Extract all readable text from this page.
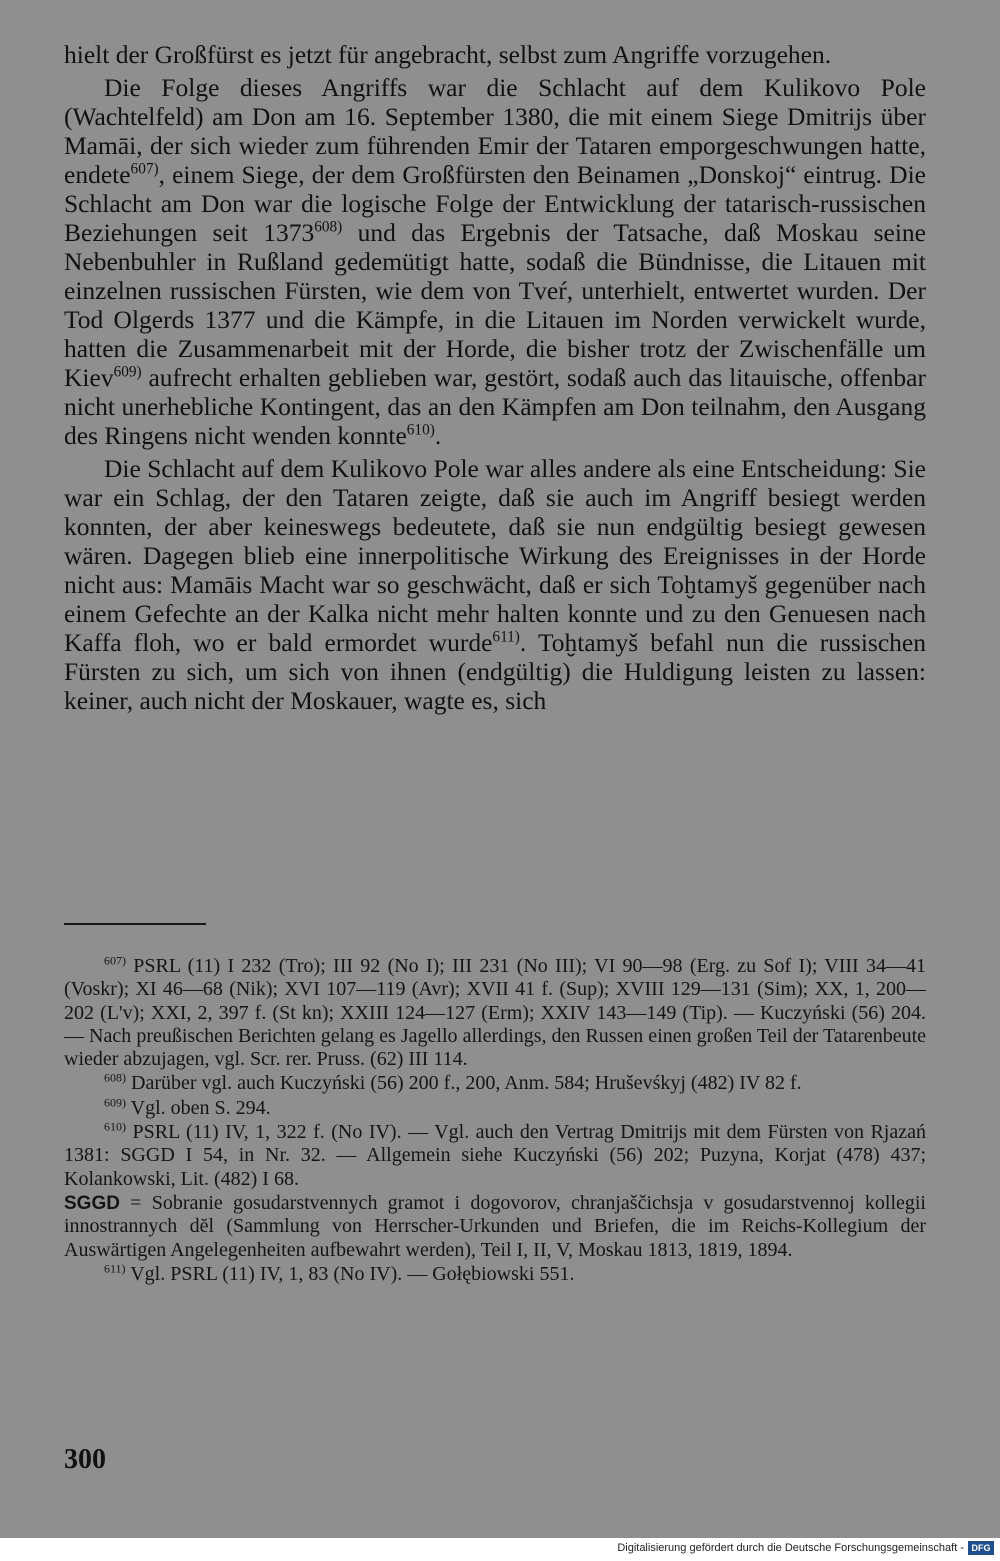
hielt der Großfürst es jetzt für angebracht, selbst zum Angriffe vorzugehen.

Die Folge dieses Angriffs war die Schlacht auf dem Kulikovo Pole (Wachtelfeld) am Don am 16. September 1380, die mit einem Siege Dmitrijs über Mamāi, der sich wieder zum führenden Emir der Tataren emporgeschwungen hatte, endete$^{607)}$, einem Siege, der dem Großfürsten den Beinamen „Donskoj“ eintrug. Die Schlacht am Don war die logische Folge der Entwicklung der tatarisch-russischen Beziehungen seit 1373$^{608)}$ und das Ergebnis der Tatsache, daß Moskau seine Nebenbuhler in Rußland gedemütigt hatte, sodaß die Bündnisse, die Litauen mit einzelnen russischen Fürsten, wie dem von Tveŕ, unterhielt, entwertet wurden. Der Tod Olgerds 1377 und die Kämpfe, in die Litauen im Norden verwickelt wurde, hatten die Zusammenarbeit mit der Horde, die bisher trotz der Zwischenfälle um Kiev$^{609)}$ aufrecht erhalten geblieben war, gestört, sodaß auch das litauische, offenbar nicht unerhebliche Kontingent, das an den Kämpfen am Don teilnahm, den Ausgang des Ringens nicht wenden konnte$^{610)}$.

Die Schlacht auf dem Kulikovo Pole war alles andere als eine Entscheidung: Sie war ein Schlag, der den Tataren zeigte, daß sie auch im Angriff besiegt werden konnten, der aber keineswegs bedeutete, daß sie nun endgültig besiegt gewesen wären. Dagegen blieb eine innerpolitische Wirkung des Ereignisses in der Horde nicht aus: Mamāis Macht war so geschwächt, daß er sich Toḫtamyš gegenüber nach einem Gefechte an der Kalka nicht mehr halten konnte und zu den Genuesen nach Kaffa floh, wo er bald ermordet wurde$^{611)}$. Toḫtamyš befahl nun die russischen Fürsten zu sich, um sich von ihnen (endgültig) die Huldigung leisten zu lassen: keiner, auch nicht der Moskauer, wagte es, sich

$^{607)}$ PSRL (11) I 232 (Tro); III 92 (No I); III 231 (No III); VI 90—98 (Erg. zu Sof I); VIII 34—41 (Voskr); XI 46—68 (Nik); XVI 107—119 (Avr); XVII 41 f. (Sup); XVIII 129—131 (Sim); XX, 1, 200—202 (L'v); XXI, 2, 397 f. (St kn); XXIII 124—127 (Erm); XXIV 143—149 (Tip). — Kuczyński (56) 204. — Nach preußischen Berichten gelang es Jagello allerdings, den Russen einen großen Teil der Tatarenbeute wieder abzujagen, vgl. Scr. rer. Pruss. (62) III 114.

$^{608)}$ Darüber vgl. auch Kuczyński (56) 200 f., 200, Anm. 584; Hruševśkyj (482) IV 82 f.

$^{609)}$ Vgl. oben S. 294.

$^{610)}$ PSRL (11) IV, 1, 322 f. (No IV). — Vgl. auch den Vertrag Dmitrijs mit dem Fürsten von Rjazań 1381: SGGD I 54, in Nr. 32. — Allgemein siehe Kuczyński (56) 202; Puzyna, Korjat (478) 437; Kolankowski, Lit. (482) I 68.

SGGD = Sobranie gosudarstvennych gramot i dogovorov, chranjaščichsja v gosudarstvennoj kollegii innostrannych dĕl (Sammlung von Herrscher-Urkunden und Briefen, die im Reichs-Kollegium der Auswärtigen Angelegenheiten aufbewahrt werden), Teil I, II, V, Moskau 1813, 1819, 1894.

$^{611)}$ Vgl. PSRL (11) IV, 1, 83 (No IV). — Gołębiowski 551.

300
Digitalisierung gefördert durch die Deutsche Forschungsgemeinschaft - DFG
